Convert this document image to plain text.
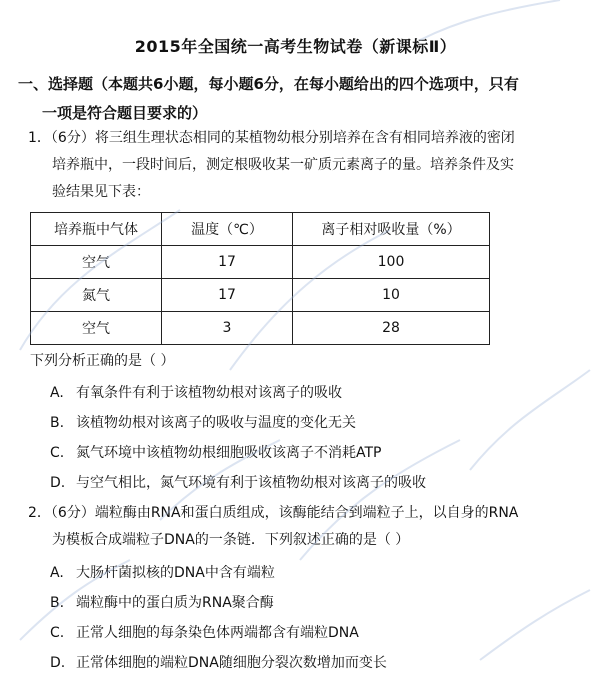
2015年全国统一高考生物试卷（新课标Ⅱ）
一、选择题（本题共6小题，每小题6分，在每小题给出的四个选项中，只有
一项是符合题目要求的）
1．（6分）将三组生理状态相同的某植物幼根分别培养在含有相同培养液的密闭
培养瓶中，一段时间后，测定根吸收某一矿质元素离子的量。培养条件及实
验结果见下表：
培养瓶中气体	温度（℃）	离子相对吸收量（%）
空气	17	100
氮气	17	10
空气	3	28
下列分析正确的是（ ）
A. 有氧条件有利于该植物幼根对该离子的吸收
B. 该植物幼根对该离子的吸收与温度的变化无关
C. 氮气环境中该植物幼根细胞吸收该离子不消耗ATP
D. 与空气相比，氮气环境有利于该植物幼根对该离子的吸收
2．（6分）端粒酶由RNA和蛋白质组成，该酶能结合到端粒子上，以自身的RNA
为模板合成端粒子DNA的一条链．下列叙述正确的是（ ）
A. 大肠杆菌拟核的DNA中含有端粒
B. 端粒酶中的蛋白质为RNA聚合酶
C. 正常人细胞的每条染色体两端都含有端粒DNA
D. 正常体细胞的端粒DNA随细胞分裂次数增加而变长
